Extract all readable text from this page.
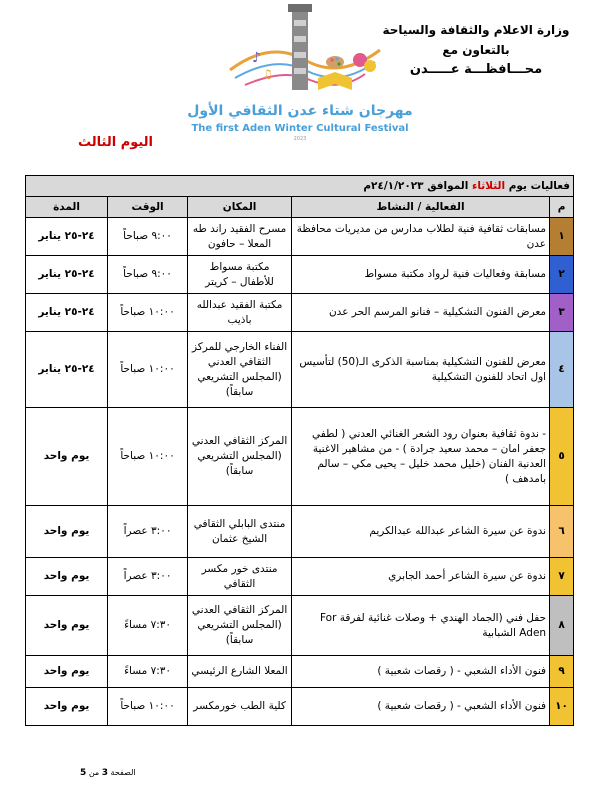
وزارة الاعلام والثقافة والسياحة
بالتعاون مع
محـــافظـــة عـــــدن
♪
♫
مهرجان شتاء عدن الثقافي الأول
The first Aden Winter Cultural Festival
2023
اليوم الثالث
فعاليات يوم الثلاثاء الموافق ٢٤/١/٢٠٢٣م				
م	الفعالية / النشاط	المكان	الوقت	المدة
١	مسابقات ثقافية فنية لطلاب مدارس من مديريات محافظة عدن	مسرح الفقيد راند طه المعلا – حافون	٩:٠٠ صباحاً	٢٤-٢٥ يناير
٢	مسابقة وفعاليات فنية لرواد مكتبة مسواط	مكتبة مسواط للأطفال – كريتر	٩:٠٠ صباحاً	٢٤-٢٥ يناير
٣	معرض الفنون التشكيلية – فنانو المرسم الحر عدن	مكتبة الفقيد عبدالله باذيب	١٠:٠٠ صباحاً	٢٤-٢٥ يناير
٤	معرض للفنون التشكيلية بمناسبة الذكرى الـ(50) لتأسيس اول اتحاد للفنون التشكيلية	الفناء الخارجي للمركز الثقافي العدني (المجلس التشريعي سابقاً)	١٠:٠٠ صباحاً	٢٤-٢٥ يناير
٥	- ندوة ثقافية بعنوان رود الشعر الغنائي العدني ( لطفي جعفر امان – محمد سعيد جرادة ) - من مشاهير الاغنية العدنية الفنان (خليل محمد خليل – يحيى مكي – سالم بامدهف )	المركز الثقافي العدني (المجلس التشريعي سابقاً)	١٠:٠٠ صباحاً	يوم واحد
٦	ندوة عن سيرة الشاعر عبدالله عبدالكريم	منتدى البابلي الثقافي الشيخ عثمان	٣:٠٠ عصراً	يوم واحد
٧	ندوة عن سيرة الشاعر أحمد الجابري	منتدى خور مكسر الثقافي	٣:٠٠ عصراً	يوم واحد
٨	حفل فني (الجماد الهندي + وصلات غنائية لفرقة For Aden الشبابية	المركز الثقافي العدني (المجلس التشريعي سابقاً)	٧:٣٠ مساءً	يوم واحد
٩	فنون الأداء الشعبي - ( رقصات شعبية )	المعلا الشارع الرئيسي	٧:٣٠ مساءً	يوم واحد
١٠	فنون الأداء الشعبي - ( رقصات شعبية )	كلية الطب خورمكسر	١٠:٠٠ صباحاً	يوم واحد
الصفحة 3 من 5
